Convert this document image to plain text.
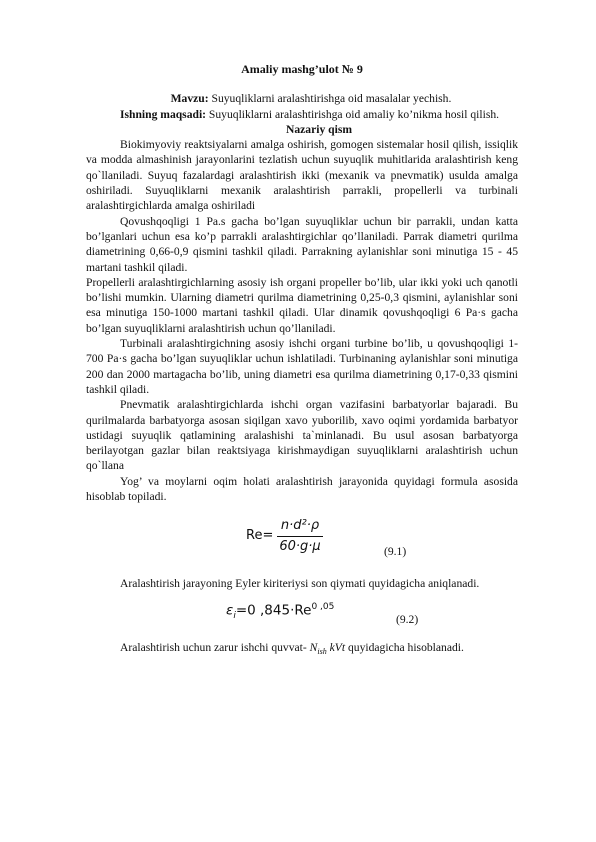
Amaliy mashg’ulot № 9

Mavzu: Suyuqliklarni aralashtirishga oid masalalar yechish.

Ishning maqsadi: Suyuqliklarni aralashtirishga oid amaliy ko’nikma hosil qilish.

Nazariy qism

Biokimyoviy reaktsiyalarni amalga oshirish, gomogen sistemalar hosil qilish, issiqlik va modda almashinish jarayonlarini tezlatish uchun suyuqlik muhitlarida aralashtirish keng qo`llaniladi. Suyuq fazalardagi aralashtirish ikki (mexanik va pnevmatik) usulda amalga oshiriladi. Suyuqliklarni mexanik aralashtirish parrakli, propellerli va turbinali aralashtirgichlarda amalga oshiriladi

Qovushqoqligi 1 Pa.s gacha bo’lgan suyuqliklar uchun bir parrakli, undan katta bo’lganlari uchun esa ko’p parrakli aralashtirgichlar qo’llaniladi. Parrak diametri qurilma diametrining 0,66-0,9 qismini tashkil qiladi. Parrakning aylanishlar soni minutiga 15 - 45 martani tashkil qiladi.

Propellerli aralashtirgichlarning asosiy ish organi propeller bo’lib, ular ikki yoki uch qanotli bo’lishi mumkin. Ularning diametri qurilma diametrining 0,25-0,3 qismini, aylanishlar soni esa minutiga 150-1000 martani tashkil qiladi. Ular dinamik qovushqoqligi 6 Pa·s gacha bo’lgan suyuqliklarni aralashtirish uchun qo’llaniladi.

Turbinali aralashtirgichning asosiy ishchi organi turbine bo’lib, u qovushqoqligi 1-700 Pa·s gacha bo’lgan suyuqliklar uchun ishlatiladi. Turbinaning aylanishlar soni minutiga 200 dan 2000 martagacha bo’lib, uning diametri esa qurilma diametrining 0,17-0,33 qismini tashkil qiladi.

Pnevmatik aralashtirgichlarda ishchi organ vazifasini barbatyorlar bajaradi. Bu qurilmalarda barbatyorga asosan siqilgan xavo yuborilib, xavo oqimi yordamida barbatyor ustidagi suyuqlik qatlamining aralashishi ta`minlanadi. Bu usul asosan barbatyorga berilayotgan gazlar bilan reaktsiyaga kirishmaydigan suyuqliklarni aralashtirish uchun qo`llana

Yog’ va moylarni oqim holati aralashtirish jarayonida quyidagi formula asosida hisoblab topiladi.

$Re= \frac{\text{n·d²·ρ}}{60\cdot g\cdot\mu}$	(9.1)

Aralashtirish jarayoning Eyler kiriteriysi son qiymati quyidagicha aniqlanadi.

$\varepsilon_i=0$ ,845·Re$^{0 ,05}$
(9.2)

Aralashtirish uchun zarur ishchi quvvat- $N_{ish}$ kVt quyidagicha hisoblanadi.
